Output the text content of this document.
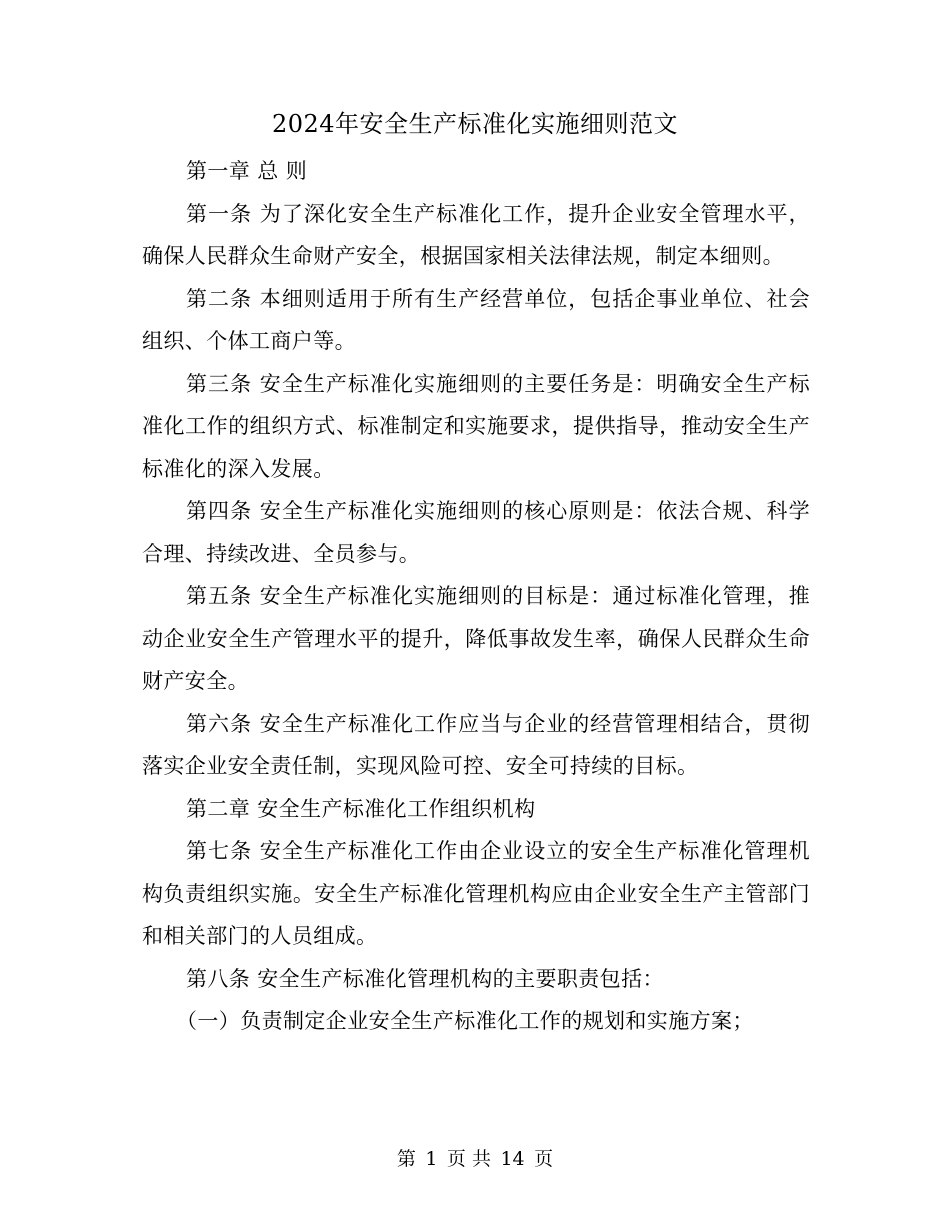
2024年安全生产标准化实施细则范文

第一章 总 则

第一条 为了深化安全生产标准化工作，提升企业安全管理水平，确保人民群众生命财产安全，根据国家相关法律法规，制定本细则。

第二条 本细则适用于所有生产经营单位，包括企事业单位、社会组织、个体工商户等。

第三条 安全生产标准化实施细则的主要任务是：明确安全生产标准化工作的组织方式、标准制定和实施要求，提供指导，推动安全生产标准化的深入发展。

第四条 安全生产标准化实施细则的核心原则是：依法合规、科学合理、持续改进、全员参与。

第五条 安全生产标准化实施细则的目标是：通过标准化管理，推动企业安全生产管理水平的提升，降低事故发生率，确保人民群众生命财产安全。

第六条 安全生产标准化工作应当与企业的经营管理相结合，贯彻落实企业安全责任制，实现风险可控、安全可持续的目标。

第二章 安全生产标准化工作组织机构

第七条 安全生产标准化工作由企业设立的安全生产标准化管理机构负责组织实施。安全生产标准化管理机构应由企业安全生产主管部门和相关部门的人员组成。

第八条 安全生产标准化管理机构的主要职责包括：

（一）负责制定企业安全生产标准化工作的规划和实施方案；

第 1 页 共 14 页
